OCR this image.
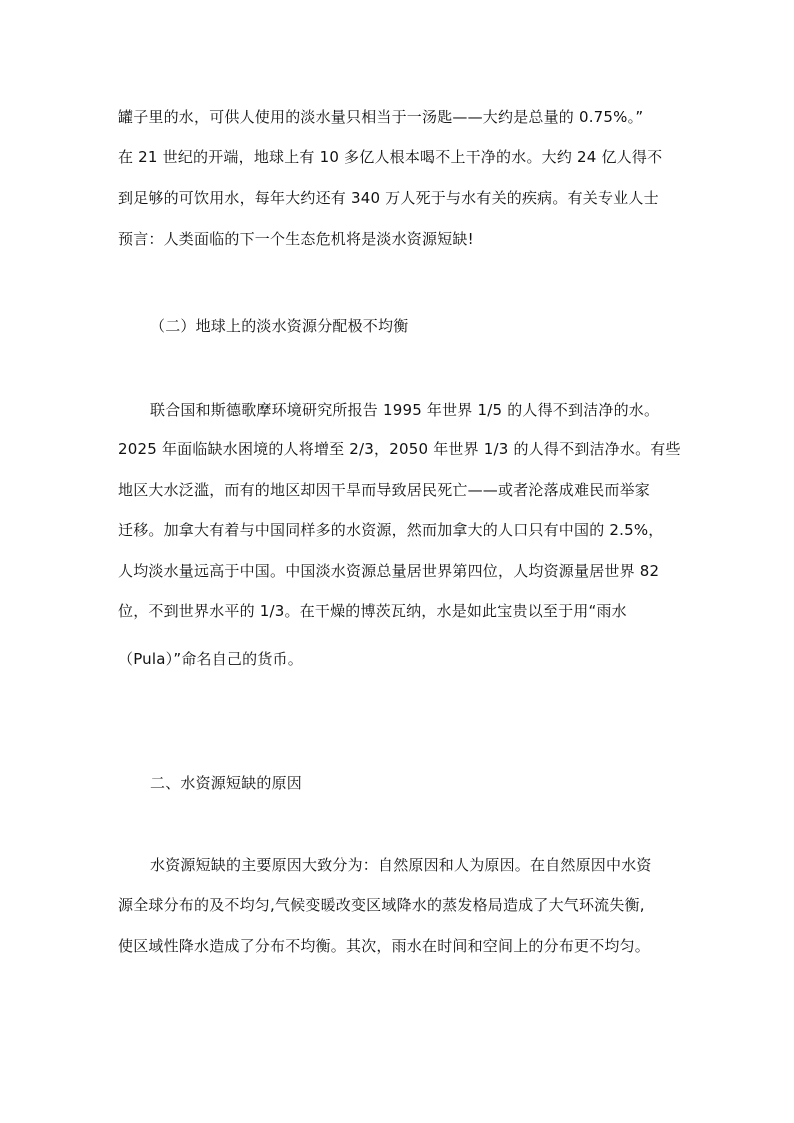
罐子里的水，可供人使用的淡水量只相当于一汤匙——大约是总量的 0.75%。”
在 21 世纪的开端，地球上有 10 多亿人根本喝不上干净的水。大约 24 亿人得不
到足够的可饮用水，每年大约还有 340 万人死于与水有关的疾病。有关专业人士
预言：人类面临的下一个生态危机将是淡水资源短缺!
（二）地球上的淡水资源分配极不均衡
联合国和斯德歌摩环境研究所报告 1995 年世界 1/5 的人得不到洁净的水。
2025 年面临缺水困境的人将增至 2/3，2050 年世界 1/3 的人得不到洁净水。有些
地区大水泛滥，而有的地区却因干旱而导致居民死亡——或者沦落成难民而举家
迁移。加拿大有着与中国同样多的水资源，然而加拿大的人口只有中国的 2.5%，
人均淡水量远高于中国。中国淡水资源总量居世界第四位，人均资源量居世界 82
位，不到世界水平的 1/3。在干燥的博茨瓦纳，水是如此宝贵以至于用“雨水
（Pula）”命名自己的货币。
二、水资源短缺的原因
水资源短缺的主要原因大致分为：自然原因和人为原因。在自然原因中水资
源全球分布的及不均匀,气候变暖改变区域降水的蒸发格局造成了大气环流失衡,
使区域性降水造成了分布不均衡。其次，雨水在时间和空间上的分布更不均匀。
